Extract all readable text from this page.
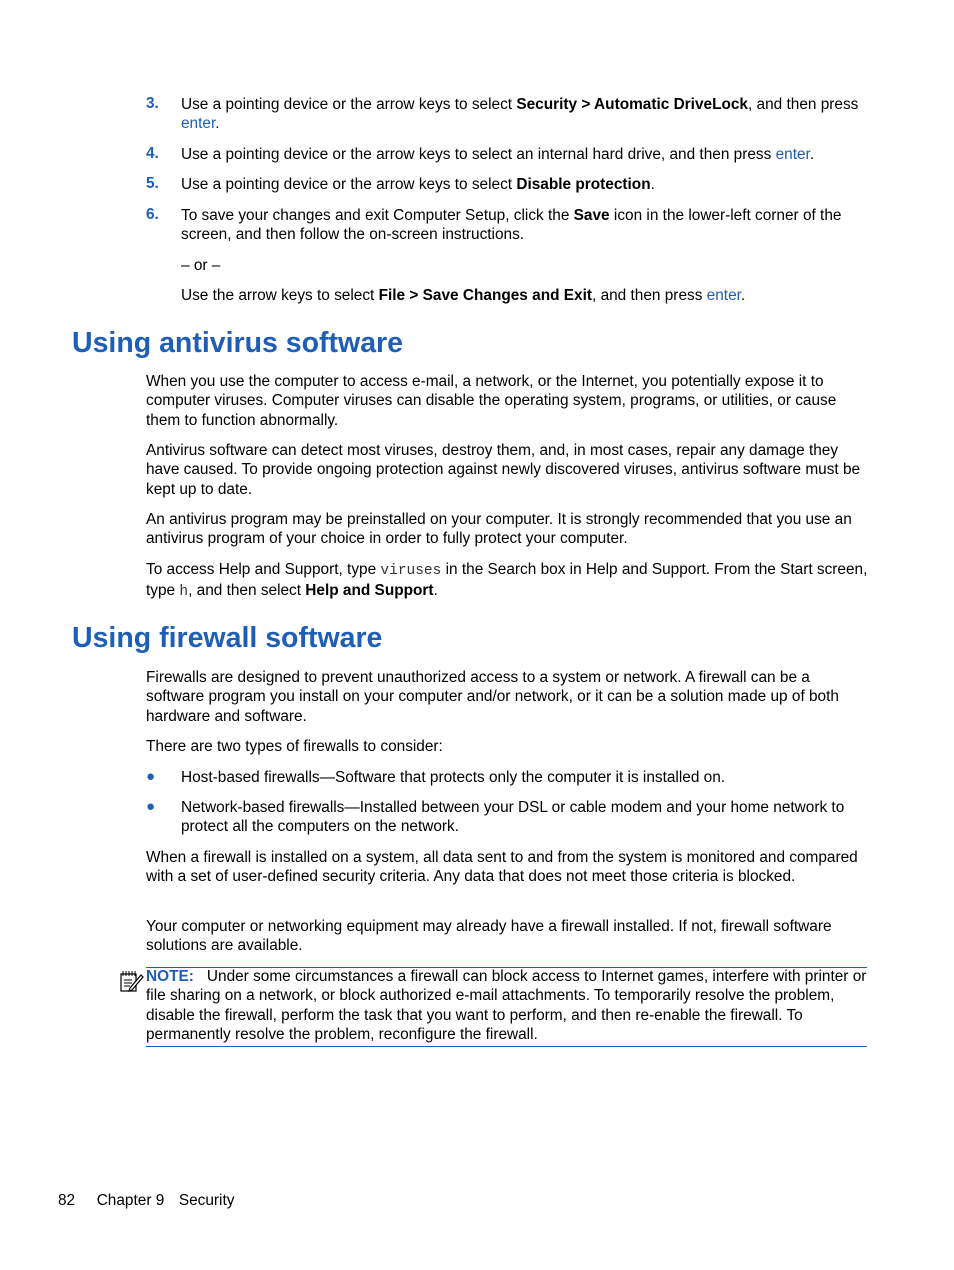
3. Use a pointing device or the arrow keys to select Security > Automatic DriveLock, and then press enter.
4. Use a pointing device or the arrow keys to select an internal hard drive, and then press enter.
5. Use a pointing device or the arrow keys to select Disable protection.
6. To save your changes and exit Computer Setup, click the Save icon in the lower-left corner of the screen, and then follow the on-screen instructions.
– or –
Use the arrow keys to select File > Save Changes and Exit, and then press enter.
Using antivirus software
When you use the computer to access e-mail, a network, or the Internet, you potentially expose it to computer viruses. Computer viruses can disable the operating system, programs, or utilities, or cause them to function abnormally.
Antivirus software can detect most viruses, destroy them, and, in most cases, repair any damage they have caused. To provide ongoing protection against newly discovered viruses, antivirus software must be kept up to date.
An antivirus program may be preinstalled on your computer. It is strongly recommended that you use an antivirus program of your choice in order to fully protect your computer.
To access Help and Support, type viruses in the Search box in Help and Support. From the Start screen, type h, and then select Help and Support.
Using firewall software
Firewalls are designed to prevent unauthorized access to a system or network. A firewall can be a software program you install on your computer and/or network, or it can be a solution made up of both hardware and software.
There are two types of firewalls to consider:
● Host-based firewalls—Software that protects only the computer it is installed on.
● Network-based firewalls—Installed between your DSL or cable modem and your home network to protect all the computers on the network.
When a firewall is installed on a system, all data sent to and from the system is monitored and compared with a set of user-defined security criteria. Any data that does not meet those criteria is blocked.
Your computer or networking equipment may already have a firewall installed. If not, firewall software solutions are available.
NOTE: Under some circumstances a firewall can block access to Internet games, interfere with printer or file sharing on a network, or block authorized e-mail attachments. To temporarily resolve the problem, disable the firewall, perform the task that you want to perform, and then re-enable the firewall. To permanently resolve the problem, reconfigure the firewall.
82 Chapter 9 Security
